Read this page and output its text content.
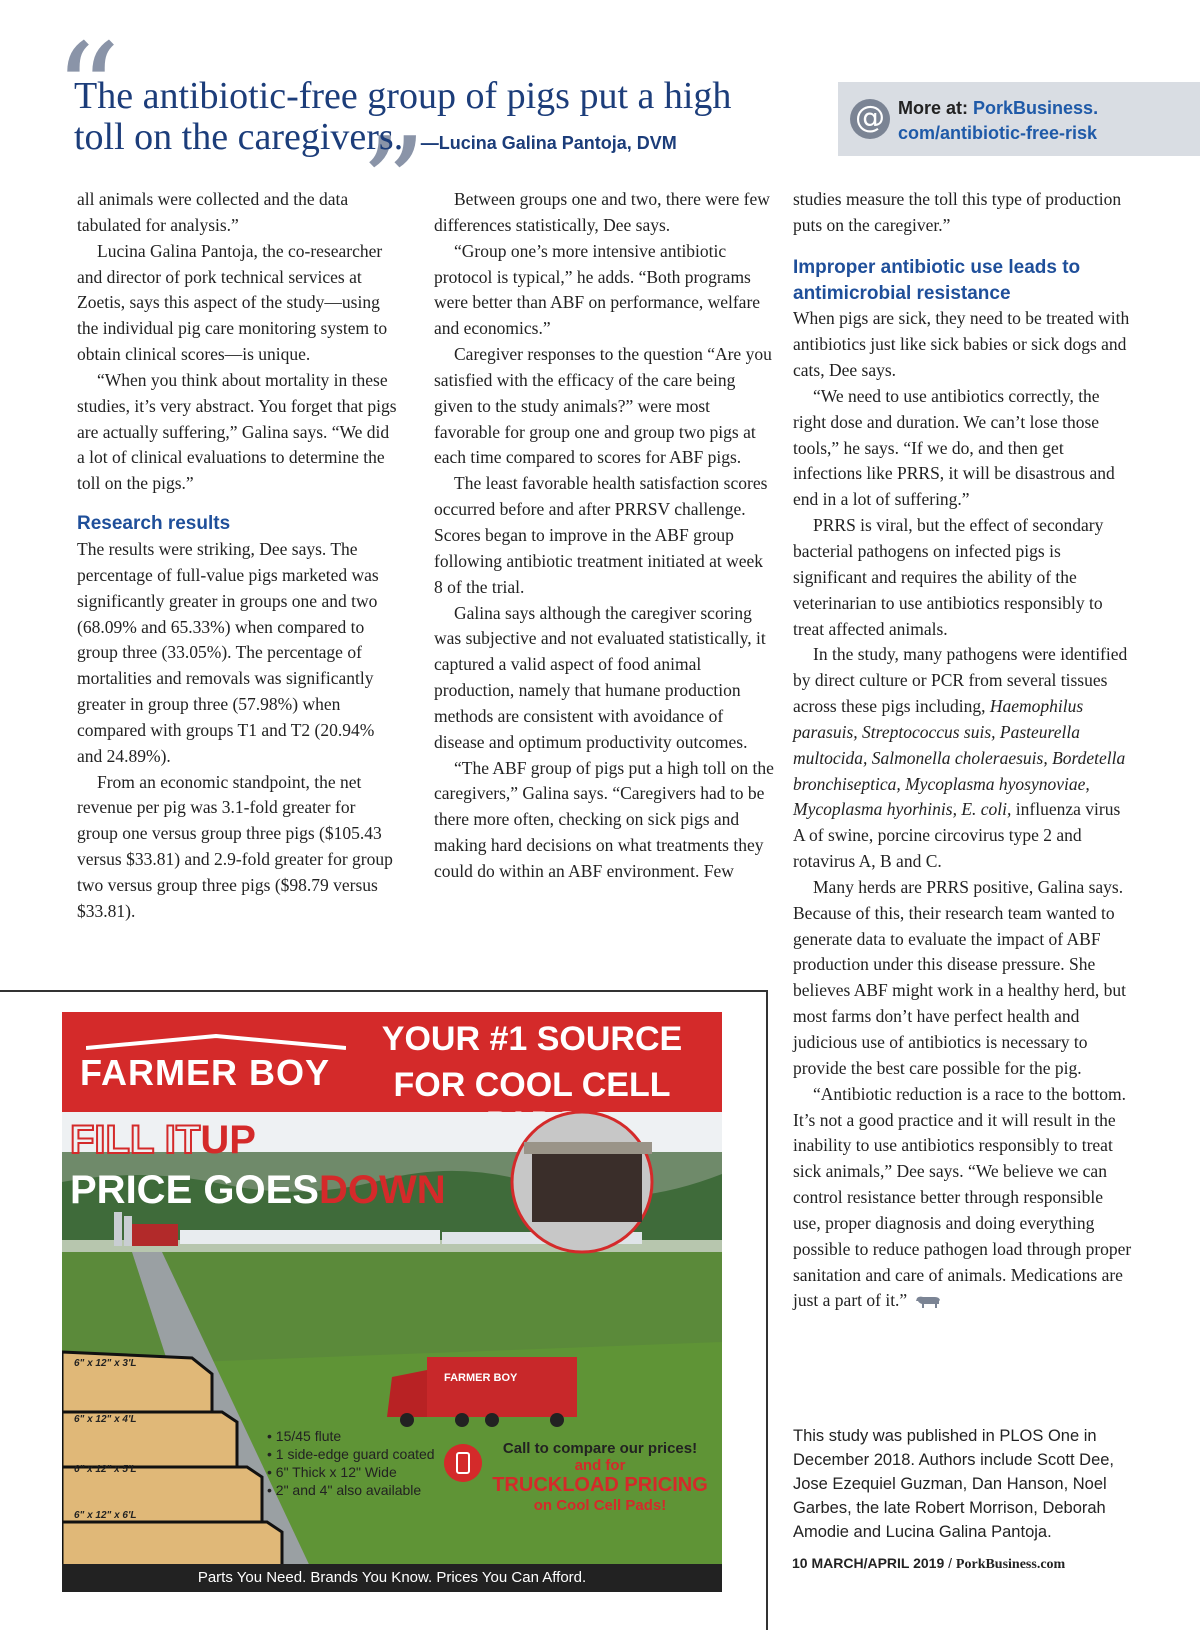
“
”
The antibiotic-free group of pigs put a high toll on the caregivers. —Lucina Galina Pantoja, DVM
@ More at: PorkBusiness.
com/antibiotic-free-risk

all animals were collected and the data tabulated for analysis.”

Lucina Galina Pantoja, the co-researcher and director of pork technical services at Zoetis, says this aspect of the study—using the individual pig care monitoring system to obtain clinical scores—is unique.

“When you think about mortality in these studies, it’s very abstract. You forget that pigs are actually suffering,” Galina says. “We did a lot of clinical evaluations to determine the toll on the pigs.”

Research results

The results were striking, Dee says. The percentage of full-value pigs marketed was significantly greater in groups one and two (68.09% and 65.33%) when compared to group three (33.05%). The percentage of mortalities and removals was significantly greater in group three (57.98%) when compared with groups T1 and T2 (20.94% and 24.89%).

From an economic standpoint, the net revenue per pig was 3.1-fold greater for group one versus group three pigs ($105.43 versus $33.81) and 2.9-fold greater for group two versus group three pigs ($98.79 versus $33.81).

Between groups one and two, there were few differences statistically, Dee says.

“Group one’s more intensive antibiotic protocol is typical,” he adds. “Both programs were better than ABF on performance, welfare and economics.”

Caregiver responses to the question “Are you satisfied with the efficacy of the care being given to the study animals?” were most favorable for group one and group two pigs at each time compared to scores for ABF pigs.

The least favorable health satisfaction scores occurred before and after PRRSV challenge. Scores began to improve in the ABF group following antibiotic treatment initiated at week 8 of the trial.

Galina says although the caregiver scoring was subjective and not evaluated statistically, it captured a valid aspect of food animal production, namely that humane production methods are consistent with avoidance of disease and optimum productivity outcomes.

“The ABF group of pigs put a high toll on the caregivers,” Galina says. “Caregivers had to be there more often, checking on sick pigs and making hard decisions on what treatments they could do within an ABF environment. Few

studies measure the toll this type of production puts on the caregiver.”

Improper antibiotic use leads to antimicrobial resistance

When pigs are sick, they need to be treated with antibiotics just like sick babies or sick dogs and cats, Dee says.

“We need to use antibiotics correctly, the right dose and duration. We can’t lose those tools,” he says. “If we do, and then get infections like PRRS, it will be disastrous and end in a lot of suffering.”

PRRS is viral, but the effect of secondary bacterial pathogens on infected pigs is significant and requires the ability of the veterinarian to use antibiotics responsibly to treat affected animals.

In the study, many pathogens were identified by direct culture or PCR from several tissues across these pigs including, Haemophilus parasuis, Streptococcus suis, Pasteurella multocida, Salmonella choleraesuis, Bordetella bronchiseptica, Mycoplasma hyosynoviae, Mycoplasma hyorhinis, E. coli, influenza virus A of swine, porcine circovirus type 2 and rotavirus A, B and C.

Many herds are PRRS positive, Galina says. Because of this, their research team wanted to generate data to evaluate the impact of ABF production under this disease pressure. She believes ABF might work in a healthy herd, but most farms don’t have perfect health and judicious use of antibiotics is necessary to provide the best care possible for the pig.

“Antibiotic reduction is a race to the bottom. It’s not a good practice and it will result in the inability to use antibiotics responsibly to treat sick animals,” Dee says. “We believe we can control resistance better through responsible use, proper diagnosis and doing everything possible to reduce pathogen load through proper sanitation and care of animals. Medications are just a part of it.”

This study was published in PLOS One in December 2018. Authors include Scott Dee, Jose Ezequiel Guzman, Dan Hanson, Noel Garbes, the late Robert Morrison, Deborah Amodie and Lucina Galina Pantoja.
10 MARCH/APRIL 2019 / PorkBusiness.com
FARMER BOY
YOUR #1 SOURCE
FOR COOL CELL
FILL ITUP
PRICE GOESDOWN
6" x 12" x 3'L
6" x 12" x 4'L
6" x 12" x 5'L
6" x 12" x 6'L
FARMER BOY
• 15/45 flute
• 1 side-edge guard coated
• 6" Thick x 12" Wide
• 2" and 4" also available
Call to compare our prices!
and for
TRUCKLOAD PRICING
on Cool Cell Pads!
Parts You Need. Brands You Know. Prices You Can Afford.
